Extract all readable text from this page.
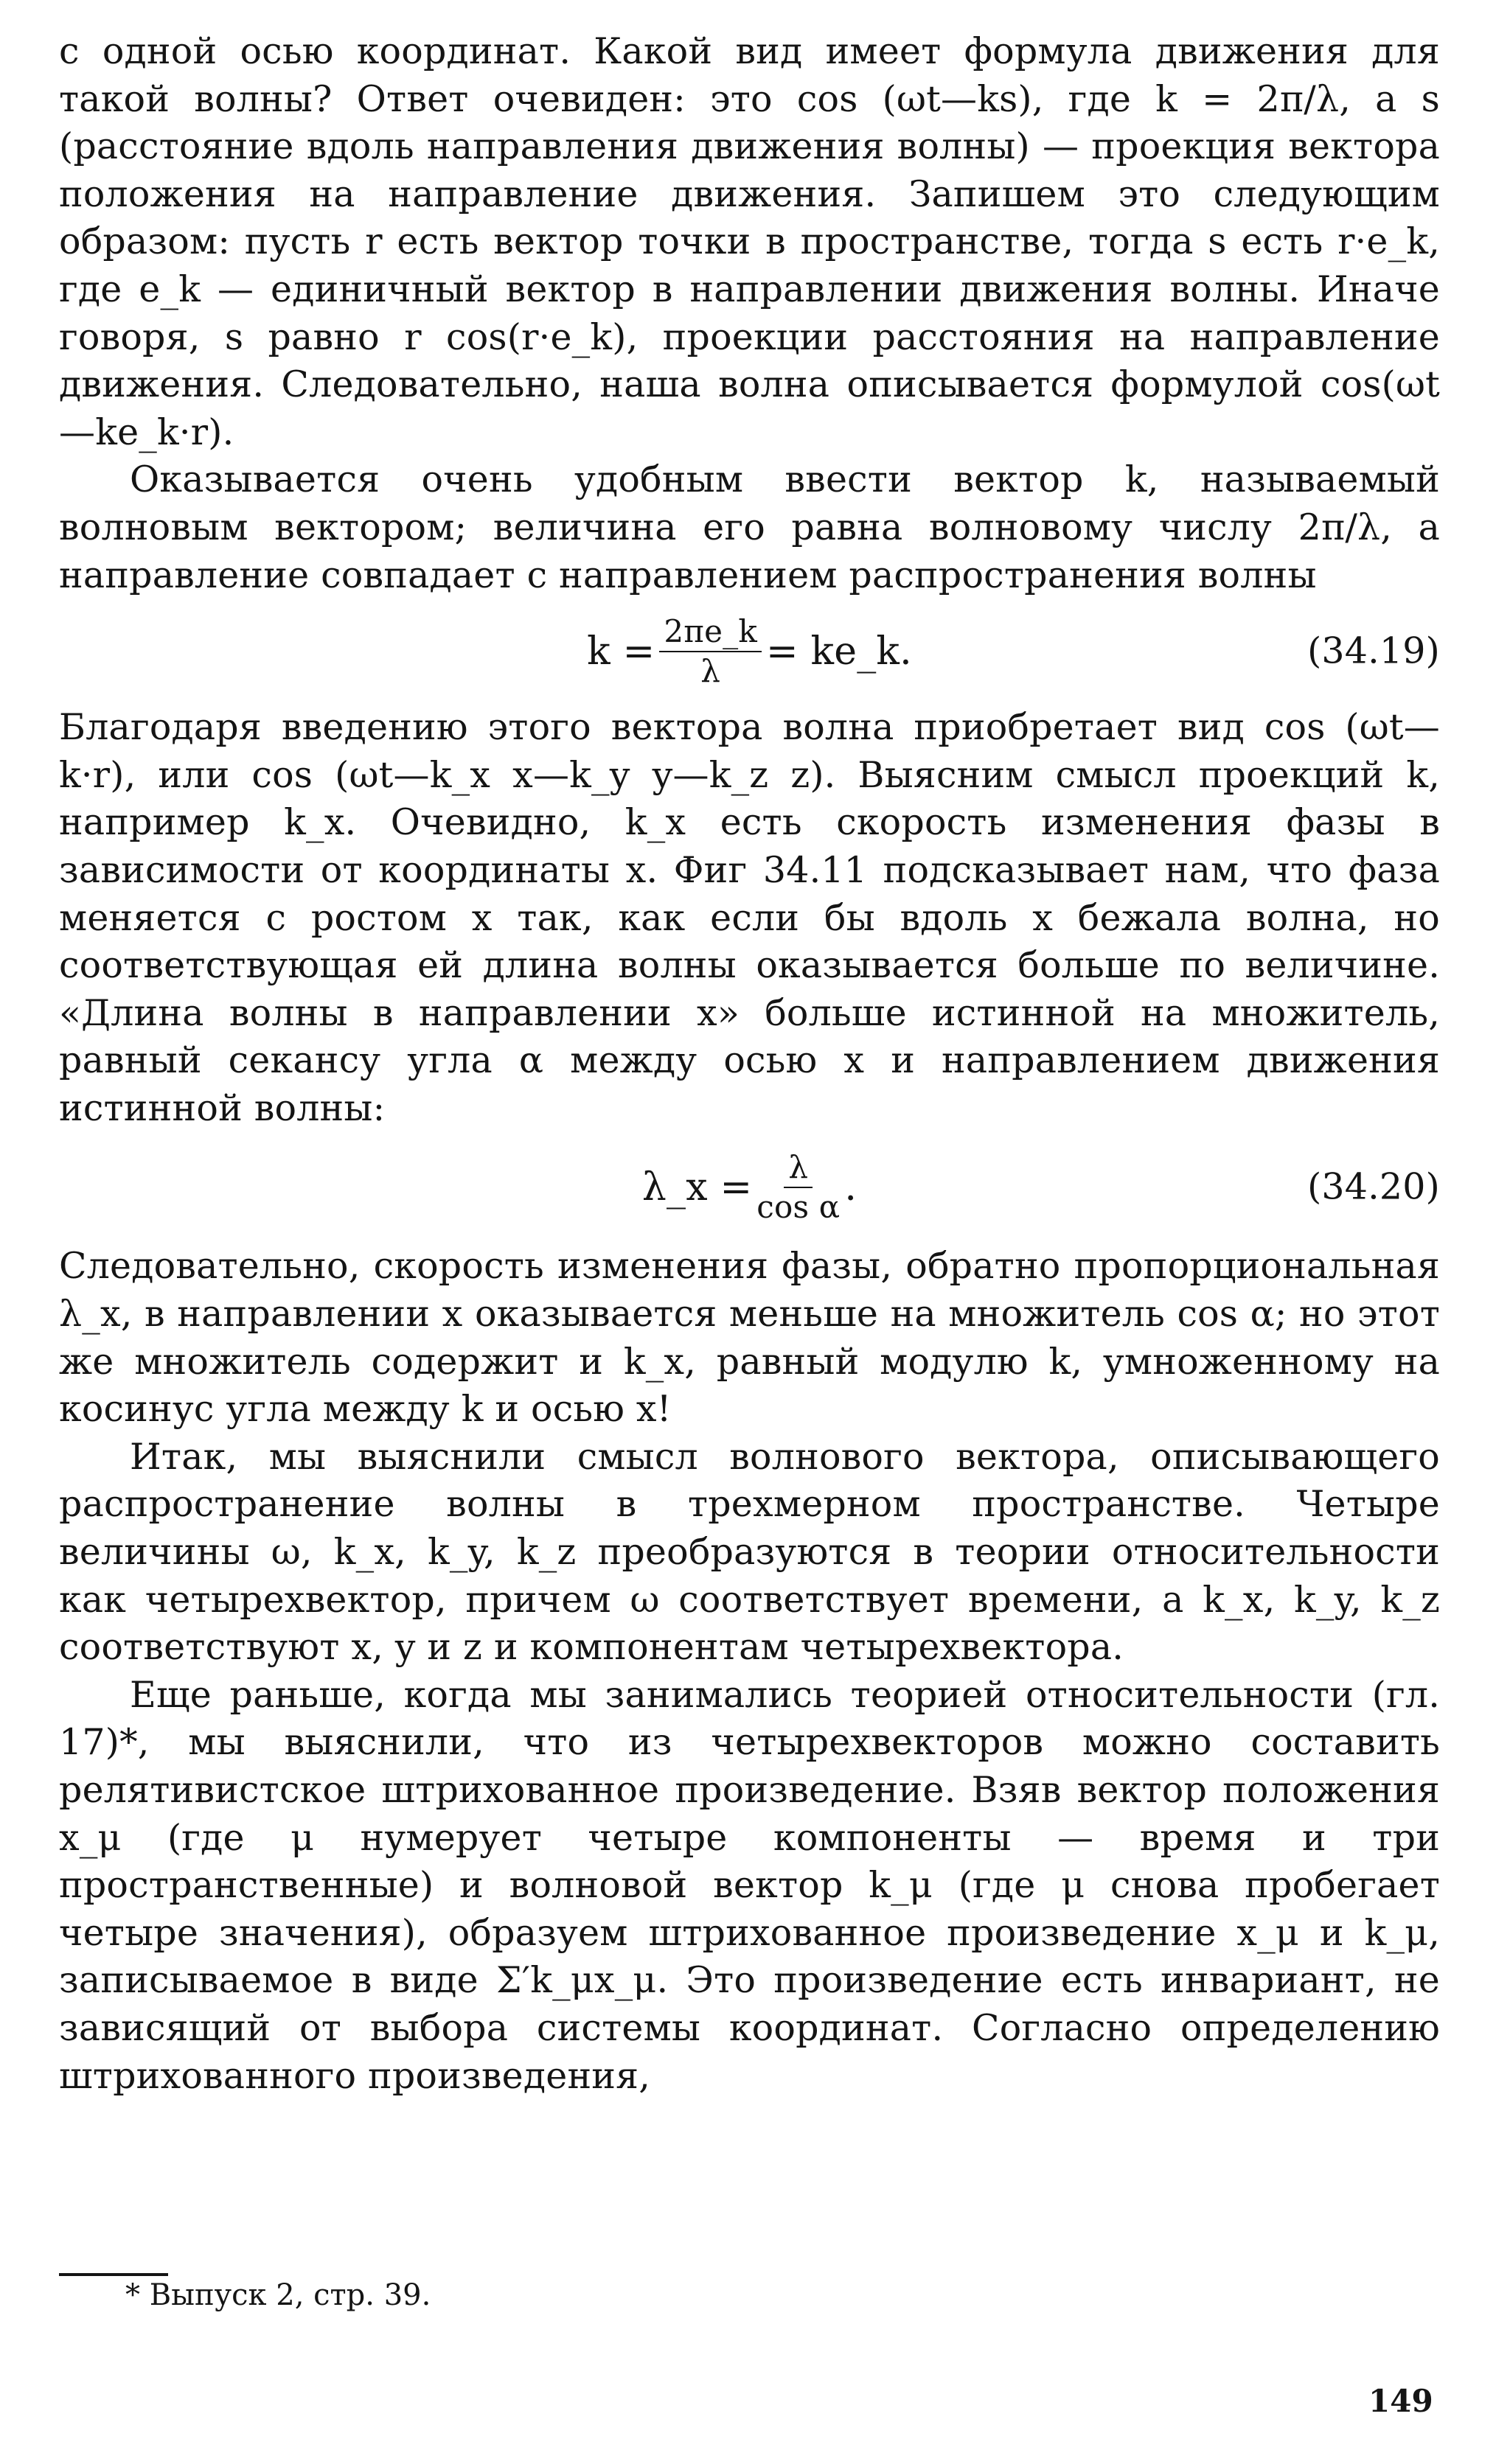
с одной осью координат. Какой вид имеет формула движения для такой волны? Ответ очевиден: это cos (ωt—ks), где k = 2π/λ, а s (расстояние вдоль направления движения волны) — проекция вектора положения на направление движения. Запишем это следующим образом: пусть r есть вектор точки в пространстве, тогда s есть r·e_k, где e_k — единичный вектор в направлении движения волны. Иначе говоря, s равно r cos(r·e_k), проекции расстояния на направление движения. Следовательно, наша волна описывается формулой cos(ωt—ke_k·r).

Оказывается очень удобным ввести вектор k, называемый волновым вектором; величина его равна волновому числу 2π/λ, а направление совпадает с направлением распространения волны

$k = \frac{2\pi e\_k}{\lambda}$ = ke_k.	(34.19)

Благодаря введению этого вектора волна приобретает вид cos (ωt—k·r), или cos (ωt—k_x x—k_y y—k_z z). Выясним смысл проекций k, например k_x. Очевидно, k_x есть скорость изменения фазы в зависимости от координаты x. Фиг 34.11 подсказывает нам, что фаза меняется с ростом x так, как если бы вдоль x бежала волна, но соответствующая ей длина волны оказывается больше по величине. «Длина волны в направлении x» больше истинной на множитель, равный секансу угла α между осью x и направлением движения истинной волны:

λ_x = $\frac{\lambda}{\text{cos α}}$ .	(34.20)

Следовательно, скорость изменения фазы, обратно пропорциональная λ_x, в направлении x оказывается меньше на множитель cos α; но этот же множитель содержит и k_x, равный модулю k, умноженному на косинус угла между k и осью x!

Итак, мы выяснили смысл волнового вектора, описывающего распространение волны в трехмерном пространстве. Четыре величины ω, k_x, k_y, k_z преобразуются в теории относительности как четырехвектор, причем ω соответствует времени, а k_x, k_y, k_z соответствуют x, y и z и компонентам четырехвектора.

Еще раньше, когда мы занимались теорией относительности (гл. 17)*, мы выяснили, что из четырехвекторов можно составить релятивистское штрихованное произведение. Взяв вектор положения x_μ (где μ нумерует четыре компоненты — время и три пространственные) и волновой вектор k_μ (где μ снова пробегает четыре значения), образуем штрихованное произведение x_μ и k_μ, записываемое в виде Σ′k_μx_μ. Это произведение есть инвариант, не зависящий от выбора системы координат. Согласно определению штрихованного произведения,

* Выпуск 2, стр. 39.
149
